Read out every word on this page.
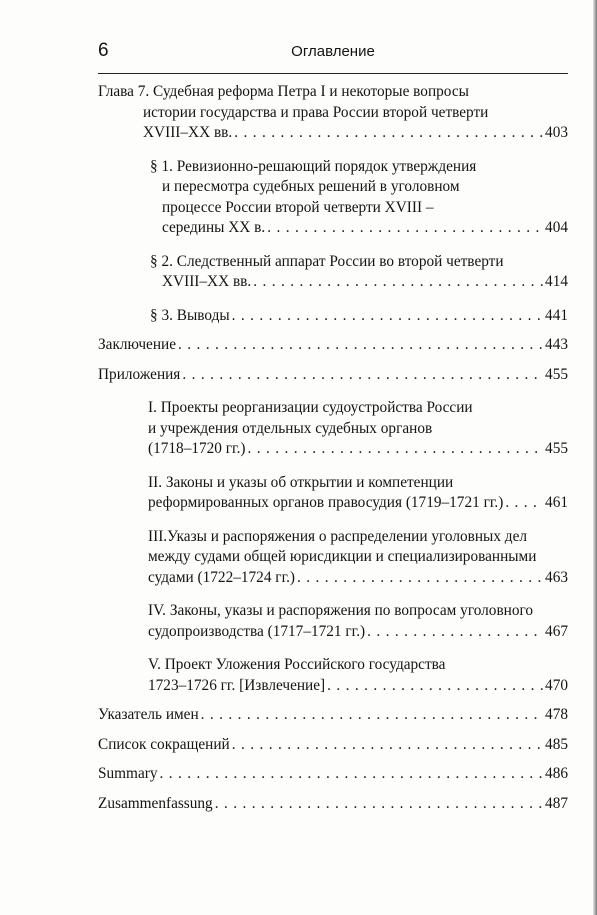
6	Оглавление
Глава 7. Судебная реформа Петра I и некоторые вопросы
истории государства и права России второй четверти
XVIII–XX вв. . . .	403
§ 1. Ревизионно-решающий порядок утверждения
и пересмотра судебных решений в уголовном
процессе России второй четверти XVIII –
середины XX в. . . .	404
§ 2. Следственный аппарат России во второй четверти
XVIII–XX вв. . . .	414
§ 3. Выводы . . .	441
Заключение . . .	443
Приложения . . .	455
I. Проекты реорганизации судоустройства России
и учреждения отдельных судебных органов
(1718–1720 гг.) . . .	455
II. Законы и указы об открытии и компетенции
реформированных органов правосудия (1719–1721 гг.) . . .	461
III.Указы и распоряжения о распределении уголовных дел
между судами общей юрисдикции и специализированными
судами (1722–1724 гг.) . . .	463
IV. Законы, указы и распоряжения по вопросам уголовного
судопроизводства (1717–1721 гг.) . . .	467
V. Проект Уложения Российского государства
1723–1726 гг. [Извлечение] . . .	470
Указатель имен . . .	478
Список сокращений . . .	485
Summary . . .	486
Zusammenfassung . . .	487
